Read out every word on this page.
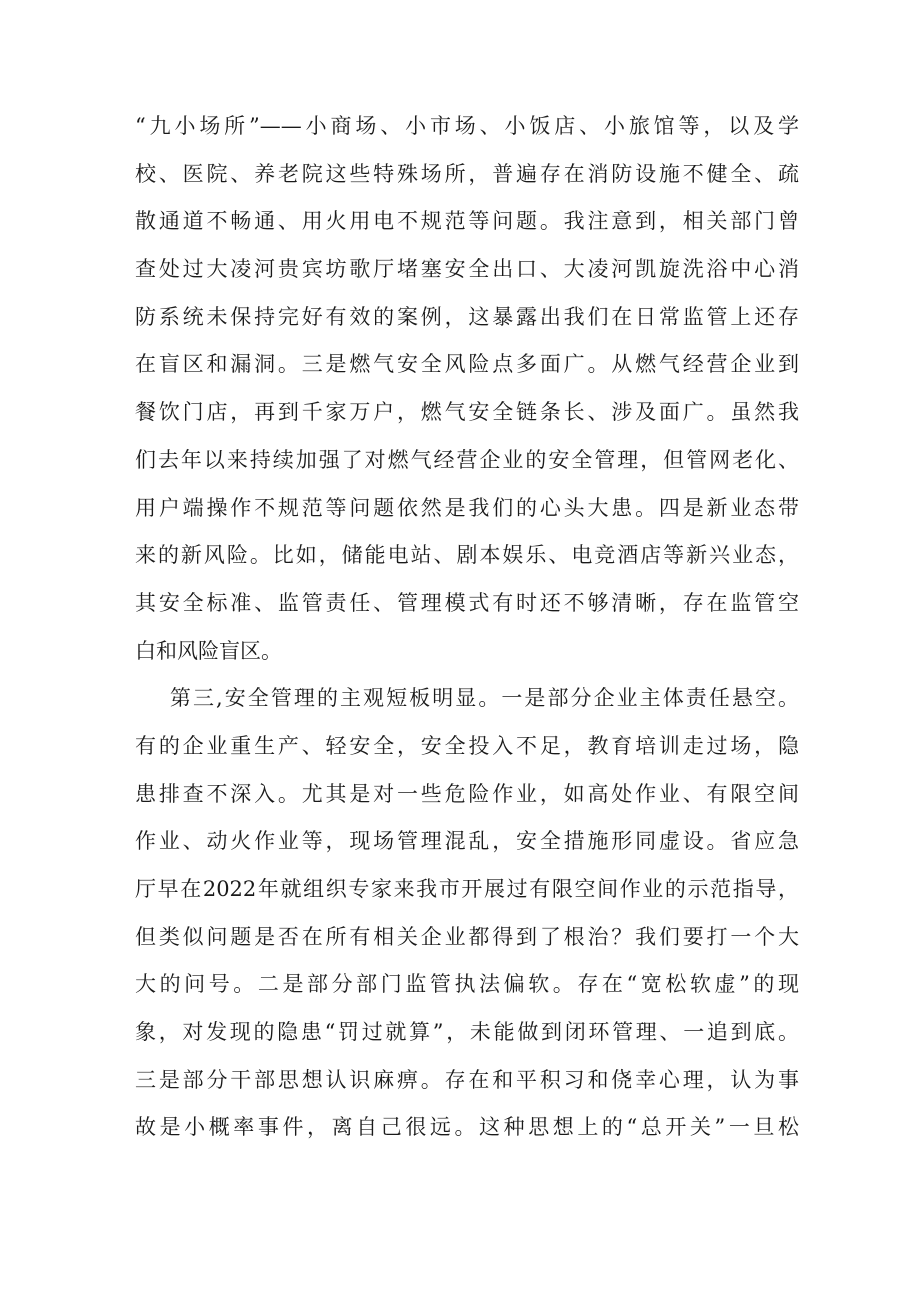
“九小场所”——小商场、小市场、小饭店、小旅馆等，以及学
校、医院、养老院这些特殊场所，普遍存在消防设施不健全、疏
散通道不畅通、用火用电不规范等问题。我注意到，相关部门曾
查处过大凌河贵宾坊歌厅堵塞安全出口、大凌河凯旋洗浴中心消
防系统未保持完好有效的案例，这暴露出我们在日常监管上还存
在盲区和漏洞。三是燃气安全风险点多面广。从燃气经营企业到
餐饮门店，再到千家万户，燃气安全链条长、涉及面广。虽然我
们去年以来持续加强了对燃气经营企业的安全管理，但管网老化、
用户端操作不规范等问题依然是我们的心头大患。四是新业态带
来的新风险。比如，储能电站、剧本娱乐、电竞酒店等新兴业态，
其安全标准、监管责任、管理模式有时还不够清晰，存在监管空
白和风险盲区。
第三,安全管理的主观短板明显。一是部分企业主体责任悬空。
有的企业重生产、轻安全，安全投入不足，教育培训走过场，隐
患排查不深入。尤其是对一些危险作业，如高处作业、有限空间
作业、动火作业等，现场管理混乱，安全措施形同虚设。省应急
厅早在2022年就组织专家来我市开展过有限空间作业的示范指导，
但类似问题是否在所有相关企业都得到了根治？我们要打一个大
大的问号。二是部分部门监管执法偏软。存在“宽松软虚”的现
象，对发现的隐患“罚过就算”，未能做到闭环管理、一追到底。
三是部分干部思想认识麻痹。存在和平积习和侥幸心理，认为事
故是小概率事件，离自己很远。这种思想上的“总开关”一旦松
